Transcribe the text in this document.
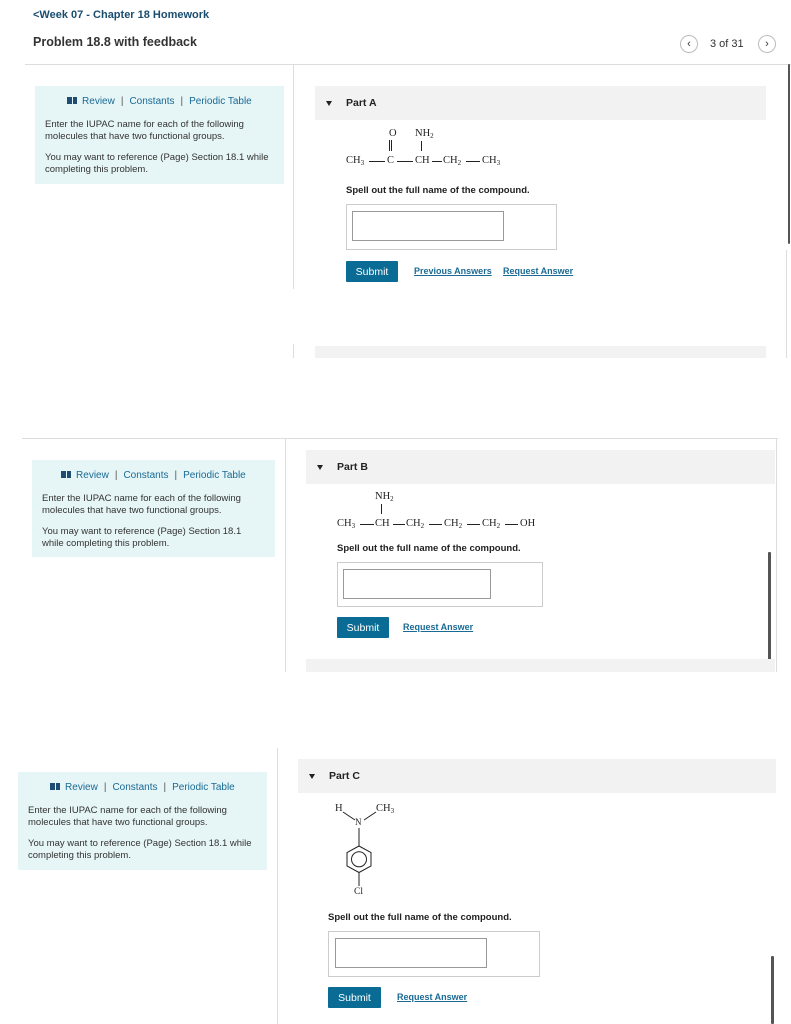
<Week 07 - Chapter 18 Homework
Problem 18.8 with feedback	‹ 3 of 31 ›
Review | Constants | Periodic Table

Enter the IUPAC name for each of the following molecules that have two functional groups.

You may want to reference (Page) Section 18.1 while completing this problem.

Part A
O $NH_2$
$CH_3$ C CH $CH_2$ $CH_3$
Spell out the full name of the compound.
Submit	Previous Answers Request Answer
Review | Constants | Periodic Table

Enter the IUPAC name for each of the following molecules that have two functional groups.

You may want to reference (Page) Section 18.1 while completing this problem.

Part B
$NH_2$
$CH_3$ CH $CH_2$ $CH_2$ $CH_2$ OH
Spell out the full name of the compound.
Submit	Request Answer
Review | Constants | Periodic Table

Enter the IUPAC name for each of the following molecules that have two functional groups.

You may want to reference (Page) Section 18.1 while completing this problem.

Part C
H	$CH_3$
N
Cl
Spell out the full name of the compound.
Submit	Request Answer
